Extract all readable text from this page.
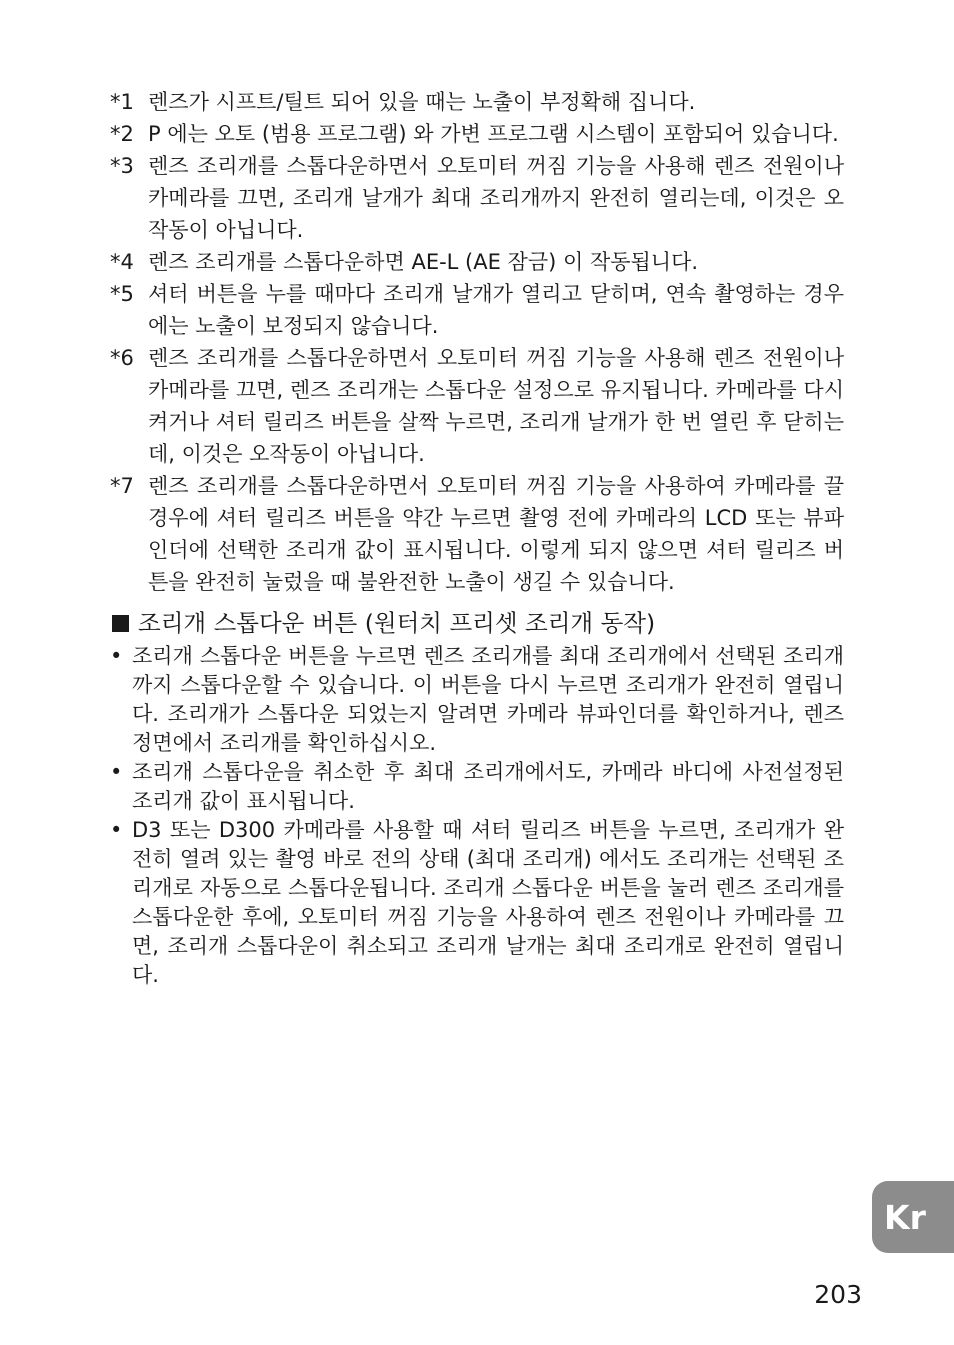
*1 렌즈가 시프트/틸트 되어 있을 때는 노출이 부정확해 집니다.
*2 P 에는 오토 (범용 프로그램) 와 가변 프로그램 시스템이 포함되어 있습니다.
*3 렌즈 조리개를 스톱다운하면서 오토미터 꺼짐 기능을 사용해 렌즈 전원이나 카메라를 끄면, 조리개 날개가 최대 조리개까지 완전히 열리는데, 이것은 오작동이 아닙니다.
*4 렌즈 조리개를 스톱다운하면 AE-L (AE 잠금) 이 작동됩니다.
*5 셔터 버튼을 누를 때마다 조리개 날개가 열리고 닫히며, 연속 촬영하는 경우에는 노출이 보정되지 않습니다.
*6 렌즈 조리개를 스톱다운하면서 오토미터 꺼짐 기능을 사용해 렌즈 전원이나 카메라를 끄면, 렌즈 조리개는 스톱다운 설정으로 유지됩니다. 카메라를 다시 켜거나 셔터 릴리즈 버튼을 살짝 누르면, 조리개 날개가 한 번 열린 후 닫히는데, 이것은 오작동이 아닙니다.
*7 렌즈 조리개를 스톱다운하면서 오토미터 꺼짐 기능을 사용하여 카메라를 끌 경우에 셔터 릴리즈 버튼을 약간 누르면 촬영 전에 카메라의 LCD 또는 뷰파인더에 선택한 조리개 값이 표시됩니다. 이렇게 되지 않으면 셔터 릴리즈 버튼을 완전히 눌렀을 때 불완전한 노출이 생길 수 있습니다.
조리개 스톱다운 버튼 (원터치 프리셋 조리개 동작)
• 조리개 스톱다운 버튼을 누르면 렌즈 조리개를 최대 조리개에서 선택된 조리개까지 스톱다운할 수 있습니다. 이 버튼을 다시 누르면 조리개가 완전히 열립니다. 조리개가 스톱다운 되었는지 알려면 카메라 뷰파인더를 확인하거나, 렌즈 정면에서 조리개를 확인하십시오.
• 조리개 스톱다운을 취소한 후 최대 조리개에서도, 카메라 바디에 사전설정된 조리개 값이 표시됩니다.
• D3 또는 D300 카메라를 사용할 때 셔터 릴리즈 버튼을 누르면, 조리개가 완전히 열려 있는 촬영 바로 전의 상태 (최대 조리개) 에서도 조리개는 선택된 조리개로 자동으로 스톱다운됩니다. 조리개 스톱다운 버튼을 눌러 렌즈 조리개를 스톱다운한 후에, 오토미터 꺼짐 기능을 사용하여 렌즈 전원이나 카메라를 끄면, 조리개 스톱다운이 취소되고 조리개 날개는 최대 조리개로 완전히 열립니다.
Kr
203
